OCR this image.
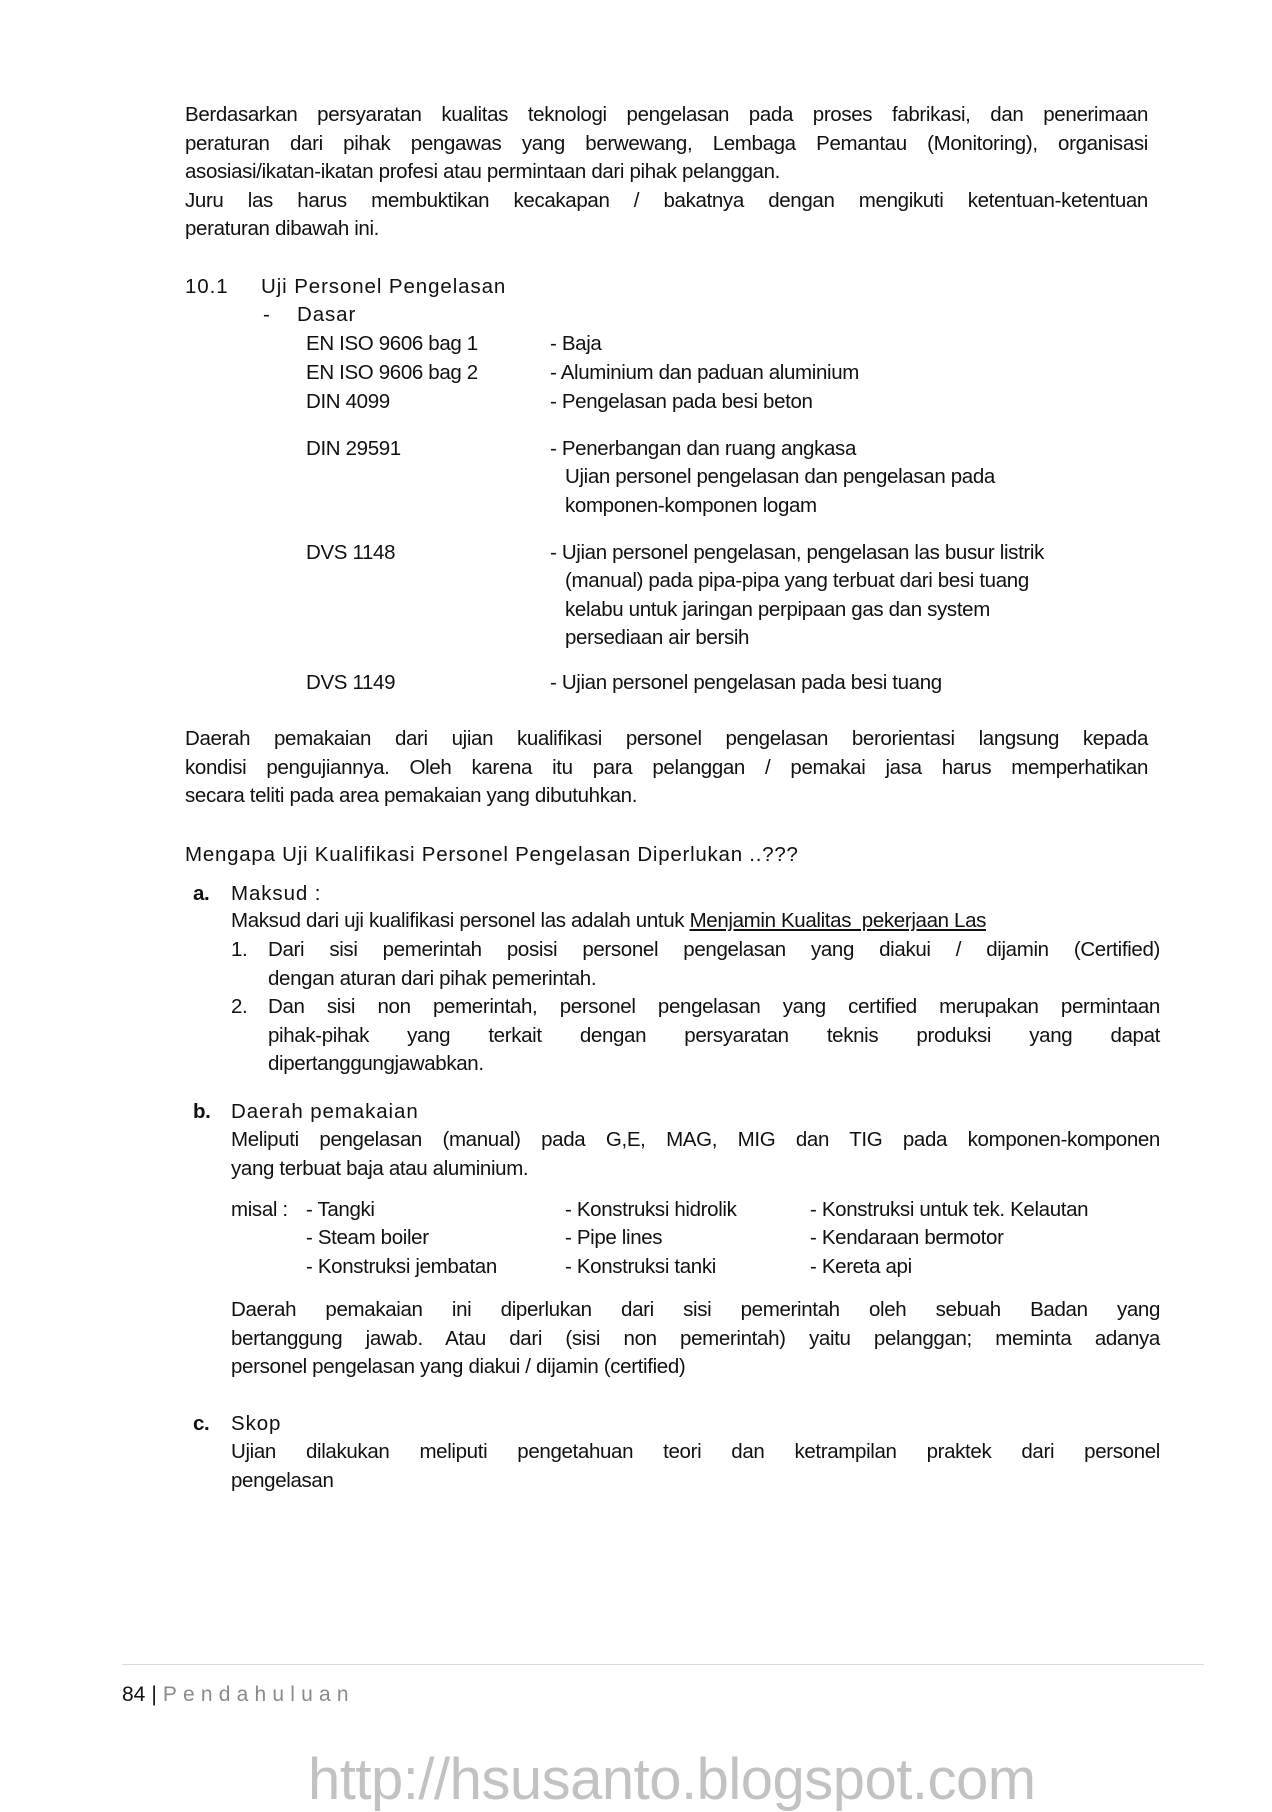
Berdasarkan persyaratan kualitas teknologi pengelasan pada proses fabrikasi, dan penerimaan
peraturan dari pihak pengawas yang berwewang, Lembaga Pemantau (Monitoring), organisasi
asosiasi/ikatan-ikatan profesi atau permintaan dari pihak pelanggan.
Juru las harus membuktikan kecakapan / bakatnya dengan mengikuti ketentuan-ketentuan
peraturan dibawah ini.
10.1 Uji Personel Pengelasan
- Dasar
EN ISO 9606 bag 1	- Baja
EN ISO 9606 bag 2	- Aluminium dan paduan aluminium
DIN 4099	- Pengelasan pada besi beton
DIN 29591	- Penerbangan dan ruang angkasa
Ujian personel pengelasan dan pengelasan pada
komponen-komponen logam
DVS 1148	- Ujian personel pengelasan, pengelasan las busur listrik
(manual) pada pipa-pipa yang terbuat dari besi tuang
kelabu untuk jaringan perpipaan gas dan system
persediaan air bersih
DVS 1149	- Ujian personel pengelasan pada besi tuang
Daerah pemakaian dari ujian kualifikasi personel pengelasan berorientasi langsung kepada
kondisi pengujiannya. Oleh karena itu para pelanggan / pemakai jasa harus memperhatikan
secara teliti pada area pemakaian yang dibutuhkan.
Mengapa Uji Kualifikasi Personel Pengelasan Diperlukan ..???
a. Maksud :
Maksud dari uji kualifikasi personel las adalah untuk Menjamin Kualitas  pekerjaan Las
1. Dari sisi pemerintah posisi personel pengelasan yang diakui / dijamin (Certified)
dengan aturan dari pihak pemerintah.
2. Dan sisi non pemerintah, personel pengelasan yang certified merupakan permintaan
pihak-pihak yang terkait dengan persyaratan teknis produksi yang dapat
dipertanggungjawabkan.
b. Daerah pemakaian
Meliputi pengelasan (manual) pada G,E, MAG, MIG dan TIG pada komponen-komponen
yang terbuat baja atau aluminium.
misal : - Tangki	- Konstruksi hidrolik	- Konstruksi untuk tek. Kelautan
- Steam boiler	- Pipe lines	- Kendaraan bermotor
- Konstruksi jembatan	- Konstruksi tanki	- Kereta api
Daerah pemakaian ini diperlukan dari sisi pemerintah oleh sebuah Badan yang
bertanggung jawab. Atau dari (sisi non pemerintah) yaitu pelanggan; meminta adanya
personel pengelasan yang diakui / dijamin (certified)
c. Skop
Ujian dilakukan meliputi pengetahuan teori dan ketrampilan praktek dari personel
pengelasan
84 | Pendahuluan
http://hsusanto.blogspot.com
